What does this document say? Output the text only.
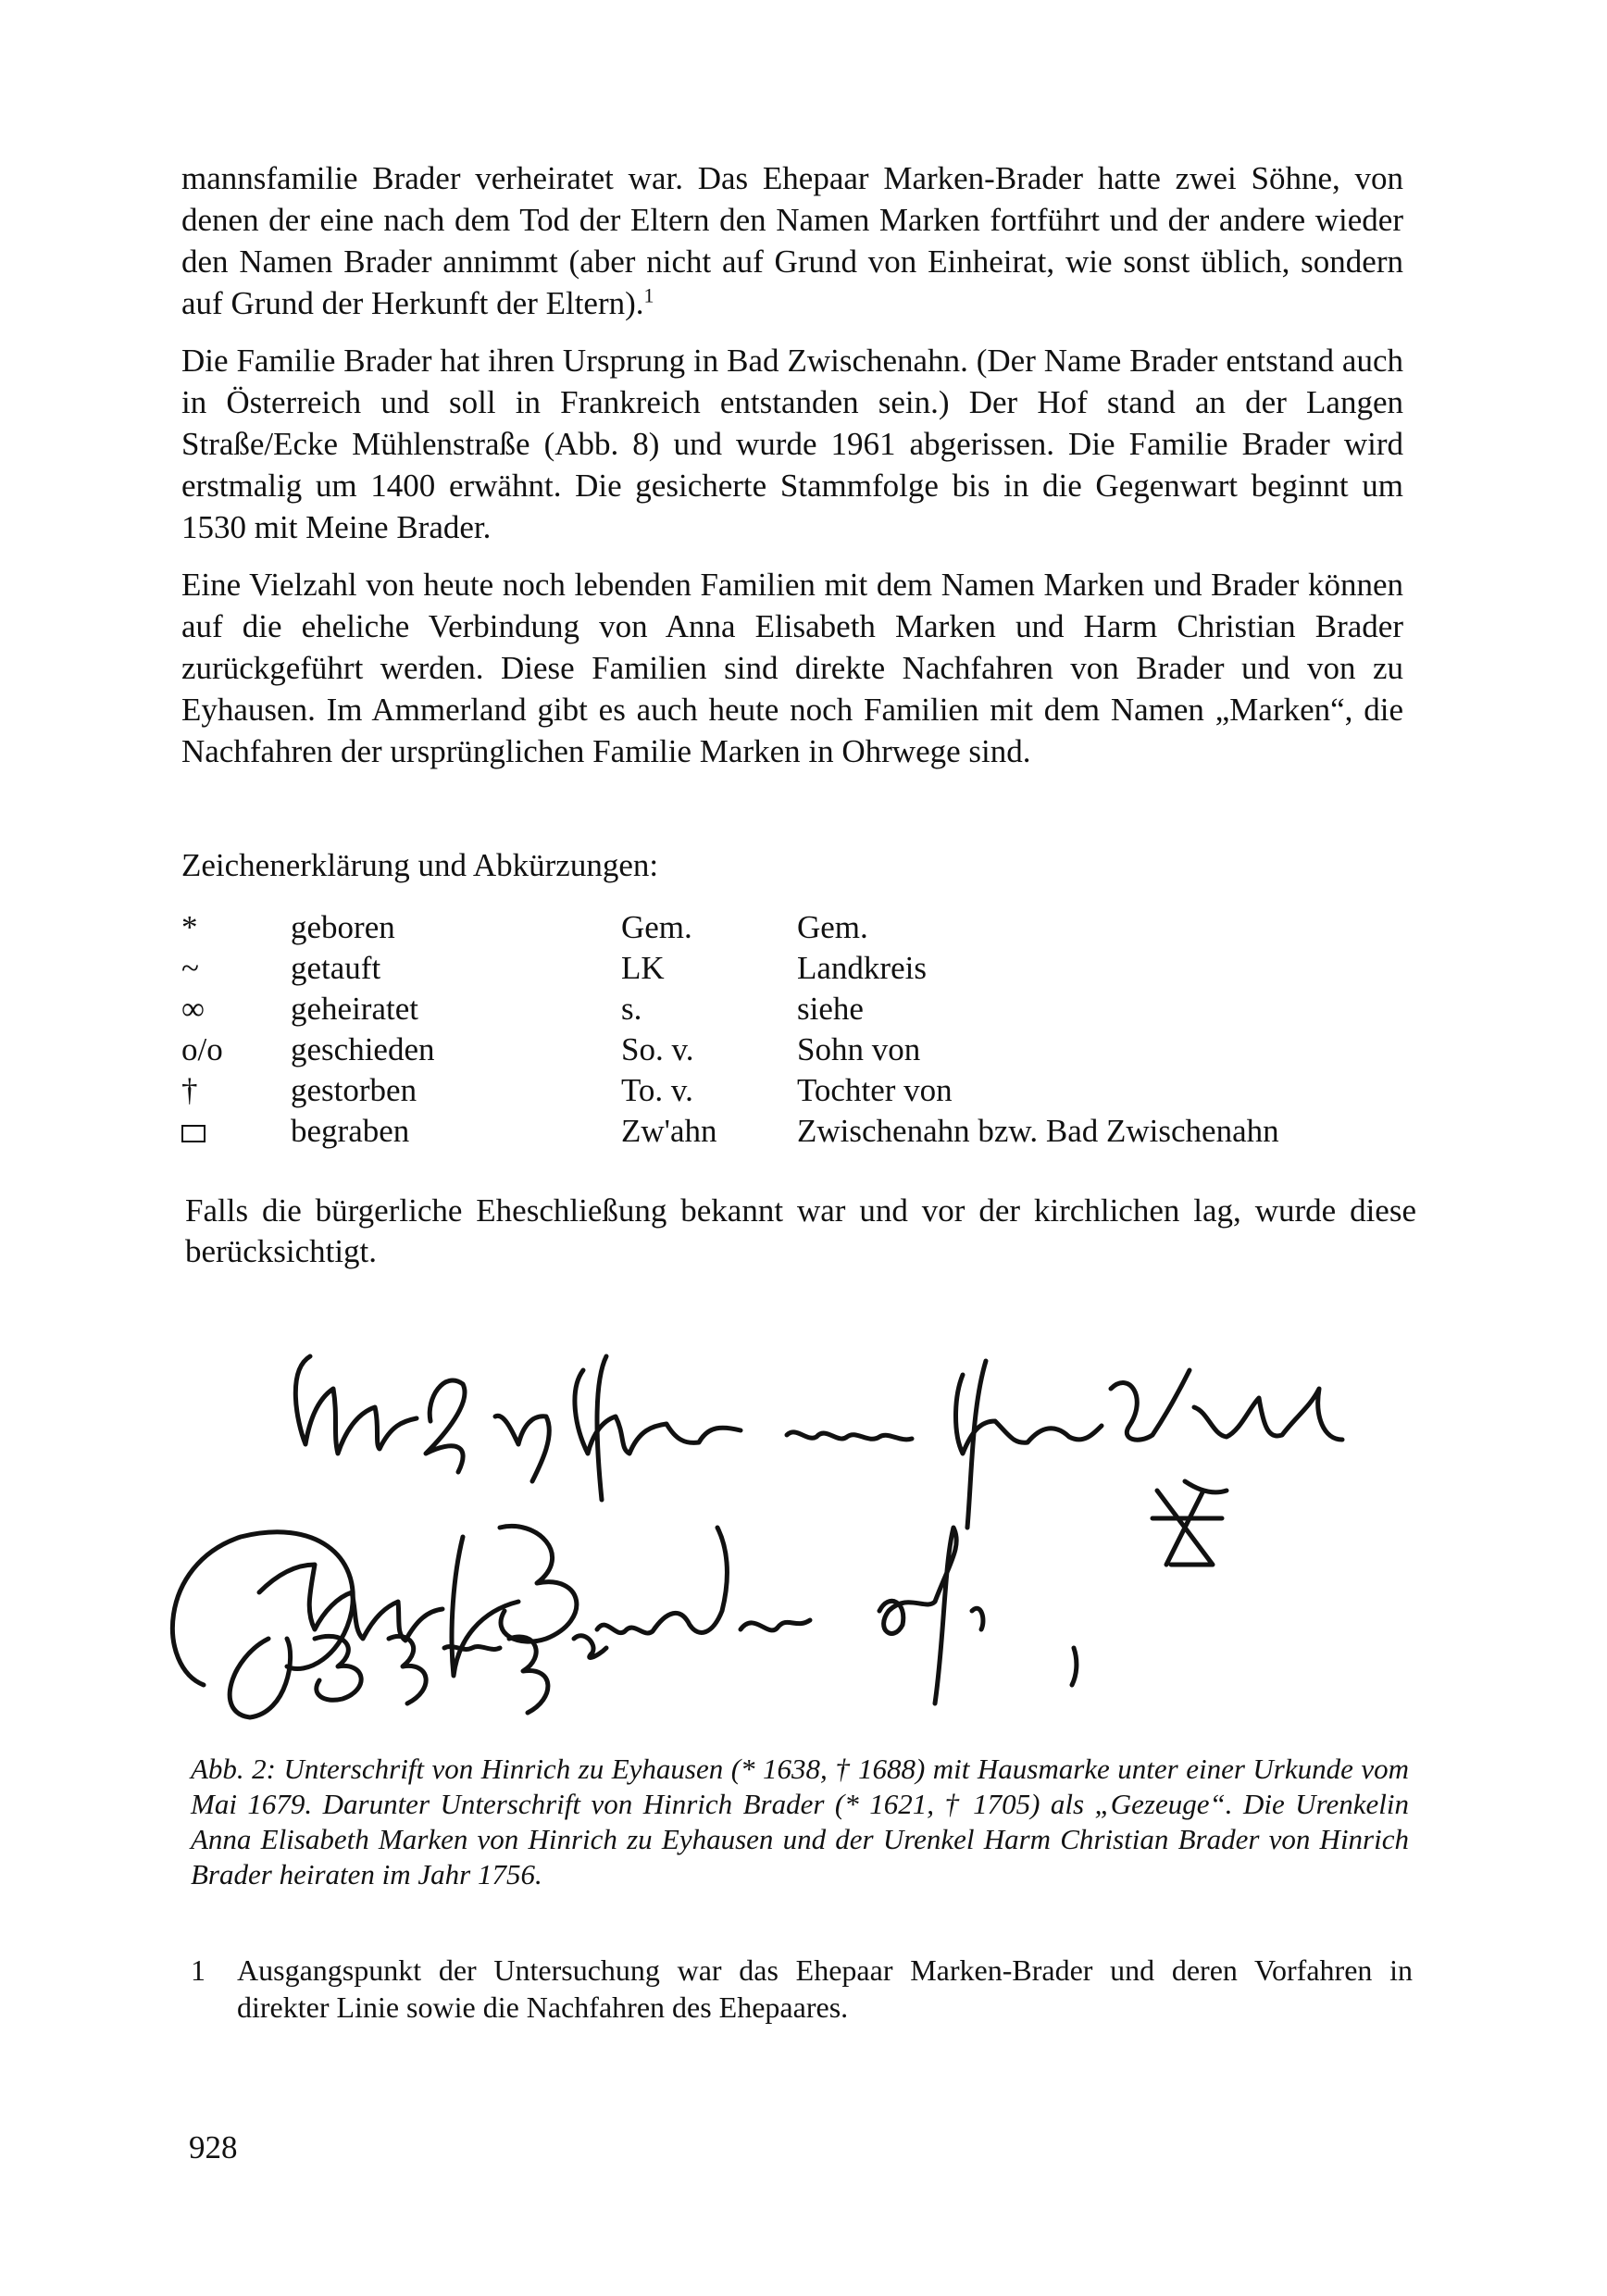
mannsfamilie Brader verheiratet war. Das Ehepaar Marken-Brader hatte zwei Söhne, von denen der eine nach dem Tod der Eltern den Namen Marken fortführt und der andere wieder den Namen Brader annimmt (aber nicht auf Grund von Einheirat, wie sonst üblich, sondern auf Grund der Herkunft der Eltern).$^1$

Die Familie Brader hat ihren Ursprung in Bad Zwischenahn. (Der Name Brader entstand auch in Österreich und soll in Frankreich entstanden sein.) Der Hof stand an der Langen Straße/Ecke Mühlenstraße (Abb. 8) und wurde 1961 abgerissen. Die Familie Brader wird erstmalig um 1400 erwähnt. Die gesicherte Stammfolge bis in die Gegenwart beginnt um 1530 mit Meine Brader.

Eine Vielzahl von heute noch lebenden Familien mit dem Namen Marken und Brader können auf die eheliche Verbindung von Anna Elisabeth Marken und Harm Christian Brader zurückgeführt werden. Diese Familien sind direkte Nachfahren von Brader und von zu Eyhausen. Im Ammerland gibt es auch heute noch Familien mit dem Namen „Marken“, die Nachfahren der ursprünglichen Familie Marken in Ohrwege sind.

Zeichenerklärung und Abkürzungen:

*	geboren	Gem.	Gem.
~	getauft	LK	Landkreis
∞	geheiratet	s.	siehe
o/o	geschieden	So. v.	Sohn von
†	gestorben	To. v.	Tochter von
	begraben	Zw'ahn	Zwischenahn bzw. Bad Zwischenahn

Falls die bürgerliche Eheschließung bekannt war und vor der kirchlichen lag, wurde diese berücksichtigt.

Abb. 2: Unterschrift von Hinrich zu Eyhausen (* 1638, † 1688) mit Hausmarke unter einer Urkunde vom Mai 1679. Darunter Unterschrift von Hinrich Brader (* 1621, † 1705) als „Gezeuge“. Die Urenkelin Anna Elisabeth Marken von Hinrich zu Eyhausen und der Urenkel Harm Christian Brader von Hinrich Brader heiraten im Jahr 1756.

1 Ausgangspunkt der Untersuchung war das Ehepaar Marken-Brader und deren Vorfahren in direkter Linie sowie die Nachfahren des Ehepaares.

928
